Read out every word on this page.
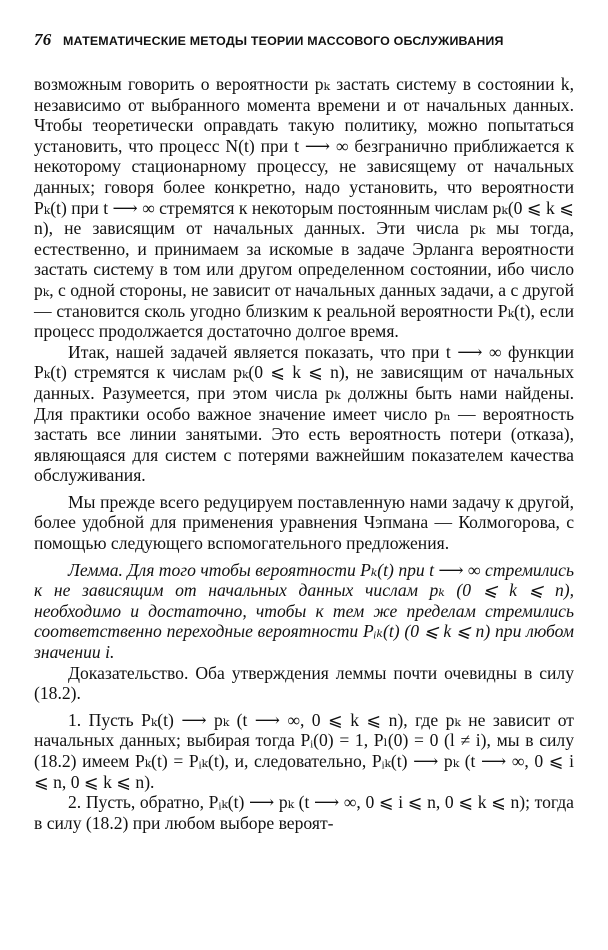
76 МАТЕМАТИЧЕСКИЕ МЕТОДЫ ТЕОРИИ МАССОВОГО ОБСЛУЖИВАНИЯ

возможным говорить о вероятности pₖ застать систему в состоянии k, независимо от выбранного момента времени и от начальных данных. Чтобы теоретически оправдать такую политику, можно попытаться установить, что процесс N(t) при t ⟶ ∞ безгранично приближается к некоторому стационарному процессу, не зависящему от начальных данных; говоря более конкретно, надо установить, что вероятности Pₖ(t) при t ⟶ ∞ стремятся к некоторым постоянным числам pₖ(0 ⩽ k ⩽ n), не зависящим от начальных данных. Эти числа pₖ мы тогда, естественно, и принимаем за искомые в задаче Эрланга вероятности застать систему в том или другом определенном состоянии, ибо число pₖ, с одной стороны, не зависит от начальных данных задачи, а с другой — становится сколь угодно близким к реальной вероятности Pₖ(t), если процесс продолжается достаточно долгое время.

Итак, нашей задачей является показать, что при t ⟶ ∞ функции Pₖ(t) стремятся к числам pₖ(0 ⩽ k ⩽ n), не зависящим от начальных данных. Разумеется, при этом числа pₖ должны быть нами найдены. Для практики особо важное значение имеет число pₙ — вероятность застать все линии занятыми. Это есть вероятность потери (отказа), являющаяся для систем с потерями важнейшим показателем качества обслуживания.

Мы прежде всего редуцируем поставленную нами задачу к другой, более удобной для применения уравнения Чэпмана — Колмогорова, с помощью следующего вспомогательного предложения.

Лемма. Для того чтобы вероятности Pₖ(t) при t ⟶ ∞ стремились к не зависящим от начальных данных числам pₖ (0 ⩽ k ⩽ n), необходимо и достаточно, чтобы к тем же пределам стремились соответственно переходные вероятности Pᵢₖ(t) (0 ⩽ k ⩽ n) при любом значении i.

Доказательство. Оба утверждения леммы почти очевидны в силу (18.2).

1. Пусть Pₖ(t) ⟶ pₖ (t ⟶ ∞, 0 ⩽ k ⩽ n), где pₖ не зависит от начальных данных; выбирая тогда Pᵢ(0) = 1, Pₗ(0) = 0 (l ≠ i), мы в силу (18.2) имеем Pₖ(t) = Pᵢₖ(t), и, следовательно, Pᵢₖ(t) ⟶ pₖ (t ⟶ ∞, 0 ⩽ i ⩽ n, 0 ⩽ k ⩽ n).

2. Пусть, обратно, Pᵢₖ(t) ⟶ pₖ (t ⟶ ∞, 0 ⩽ i ⩽ n, 0 ⩽ k ⩽ n); тогда в силу (18.2) при любом выборе вероят-
